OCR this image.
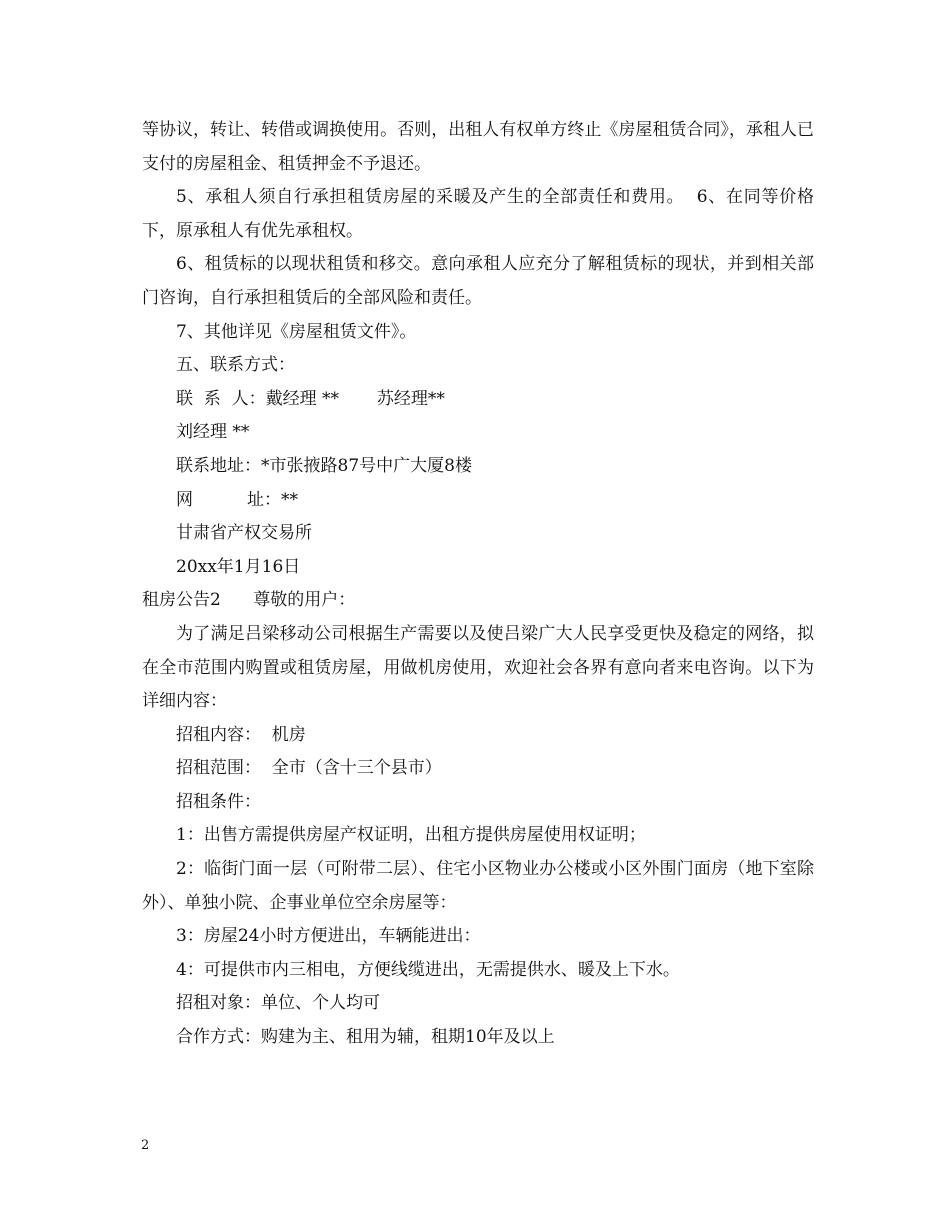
等协议，转让、转借或调换使用。否则，出租人有权单方终止《房屋租赁合同》，承租人已支付的房屋租金、租赁押金不予退还。

5、承租人须自行承担租赁房屋的采暖及产生的全部责任和费用。  6、在同等价格下，原承租人有优先承租权。

6、租赁标的以现状租赁和移交。意向承租人应充分了解租赁标的现状，并到相关部门咨询，自行承担租赁后的全部风险和责任。

7、其他详见《房屋租赁文件》。

五、联系方式：

联  系  人：戴经理 **       苏经理**

刘经理 **

联系地址：*市张掖路87号中广大厦8楼

网          址：**

甘肃省产权交易所

20xx年1月16日

租房公告2      尊敬的用户：

为了满足吕梁移动公司根据生产需要以及使吕梁广大人民享受更快及稳定的网络，拟在全市范围内购置或租赁房屋，用做机房使用，欢迎社会各界有意向者来电咨询。以下为详细内容：

招租内容：  机房

招租范围：  全市（含十三个县市）

招租条件：

1：出售方需提供房屋产权证明，出租方提供房屋使用权证明；

2：临街门面一层（可附带二层）、住宅小区物业办公楼或小区外围门面房（地下室除外）、单独小院、企事业单位空余房屋等：

3：房屋24小时方便进出，车辆能进出：

4：可提供市内三相电，方便线缆进出，无需提供水、暖及上下水。

招租对象：单位、个人均可

合作方式：购建为主、租用为辅，租期10年及以上

2
